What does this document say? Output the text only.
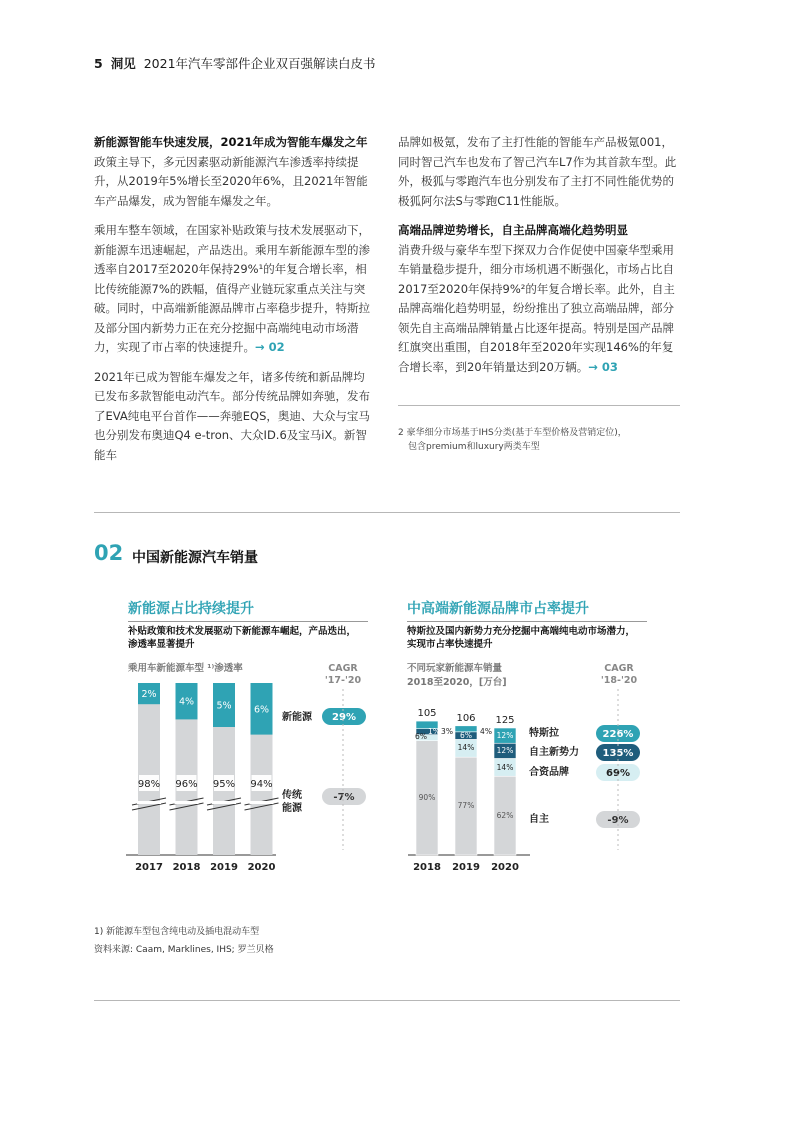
5 洞见 2021年汽车零部件企业双百强解读白皮书
新能源智能车快速发展，2021年成为智能车爆发之年

政策主导下，多元因素驱动新能源汽车渗透率持续提升，从2019年5%增长至2020年6%，且2021年智能车产品爆发，成为智能车爆发之年。

乘用车整车领域，在国家补贴政策与技术发展驱动下，新能源车迅速崛起，产品迭出。乘用车新能源车型的渗透率自2017至2020年保持29%¹的年复合增长率，相比传统能源7%的跌幅，值得产业链玩家重点关注与突破。同时，中高端新能源品牌市占率稳步提升，特斯拉及部分国内新势力正在充分挖掘中高端纯电动市场潜力，实现了市占率的快速提升。→ 02

2021年已成为智能车爆发之年，诸多传统和新品牌均已发布多款智能电动汽车。部分传统品牌如奔驰，发布了EVA纯电平台首作——奔驰EQS，奥迪、大众与宝马也分别发布奥迪Q4 e-tron、大众ID.6及宝马iX。新智能车

品牌如极氪，发布了主打性能的智能车产品极氪001，同时智己汽车也发布了智己汽车L7作为其首款车型。此外，极狐与零跑汽车也分别发布了主打不同性能优势的极狐阿尔法S与零跑C11性能版。

高端品牌逆势增长，自主品牌高端化趋势明显

消费升级与豪华车型下探双力合作促使中国豪华型乘用车销量稳步提升，细分市场机遇不断强化，市场占比自2017至2020年保持9%²的年复合增长率。此外，自主品牌高端化趋势明显，纷纷推出了独立高端品牌，部分领先自主高端品牌销量占比逐年提高。特别是国产品牌红旗突出重围，自2018年至2020年实现146%的年复合增长率，到20年销量达到20万辆。→ 03

2 豪华细分市场基于IHS分类(基于车型价格及营销定位)，
包含premium和luxury两类车型
02 中国新能源汽车销量
新能源占比持续提升
补贴政策和技术发展驱动下新能源车崛起，产品迭出，
渗透率显著提升
乘用车新能源车型 ¹⁾渗透率	CAGR
'17-'20
中高端新能源品牌市占率提升
特斯拉及国内新势力充分挖掘中高端纯电动市场潜力，
实现市占率快速提升
不同玩家新能源车销量
2018至2020，[万台]
CAGR
'18-'20
2%
98%
2017
4%
96%
2018
5%
95%
2019
6%
94%
2020
新能源 29%
传统
能源
-7%
105
2018
106
2019
125
2020
90%
6%
1% 3%
77%
14%
6% 4%
62%
14%
12%
12% 特斯拉	226%
自主新势力 135%
合资品牌	69%
自主	-9%
1) 新能源车型包含纯电动及插电混动车型
资料来源: Caam, Marklines, IHS; 罗兰贝格
